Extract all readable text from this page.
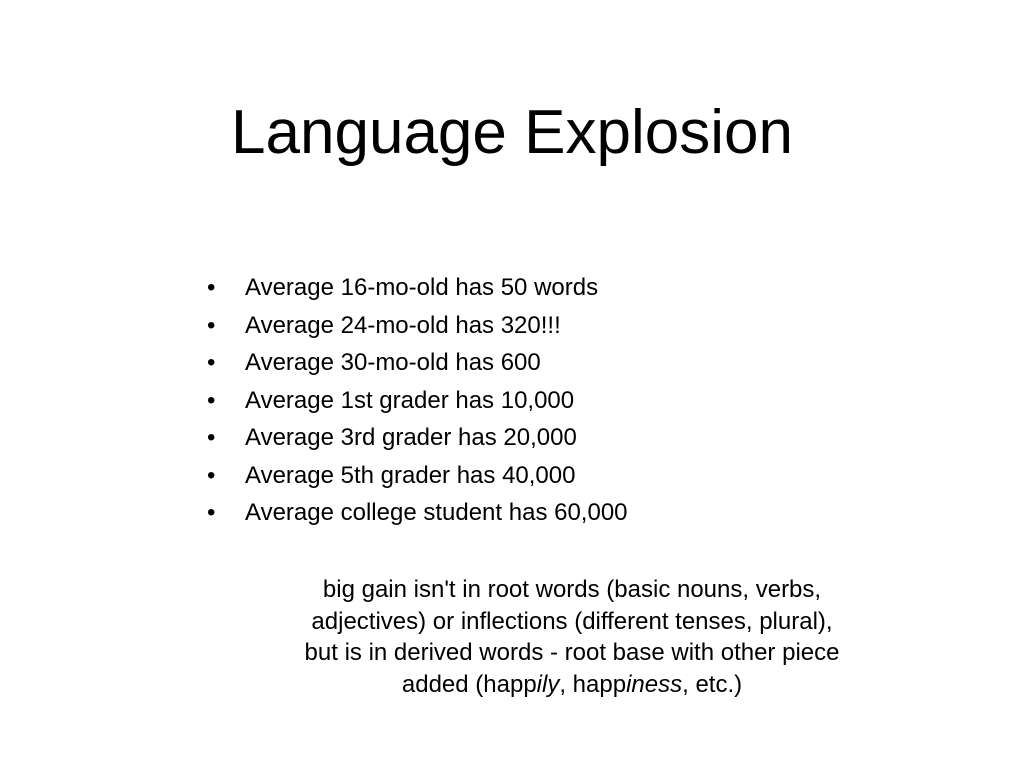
Language Explosion
•	Average 16-mo-old has 50 words
•	Average 24-mo-old has 320!!!
•	Average 30-mo-old has 600
•	Average 1st grader has 10,000
•	Average 3rd grader has 20,000
•	Average 5th grader has 40,000
•	Average college student has 60,000

big gain isn't in root words (basic nouns, verbs,
adjectives) or inflections (different tenses, plural),
but is in derived words - root base with other piece
added (happily, happiness, etc.)
